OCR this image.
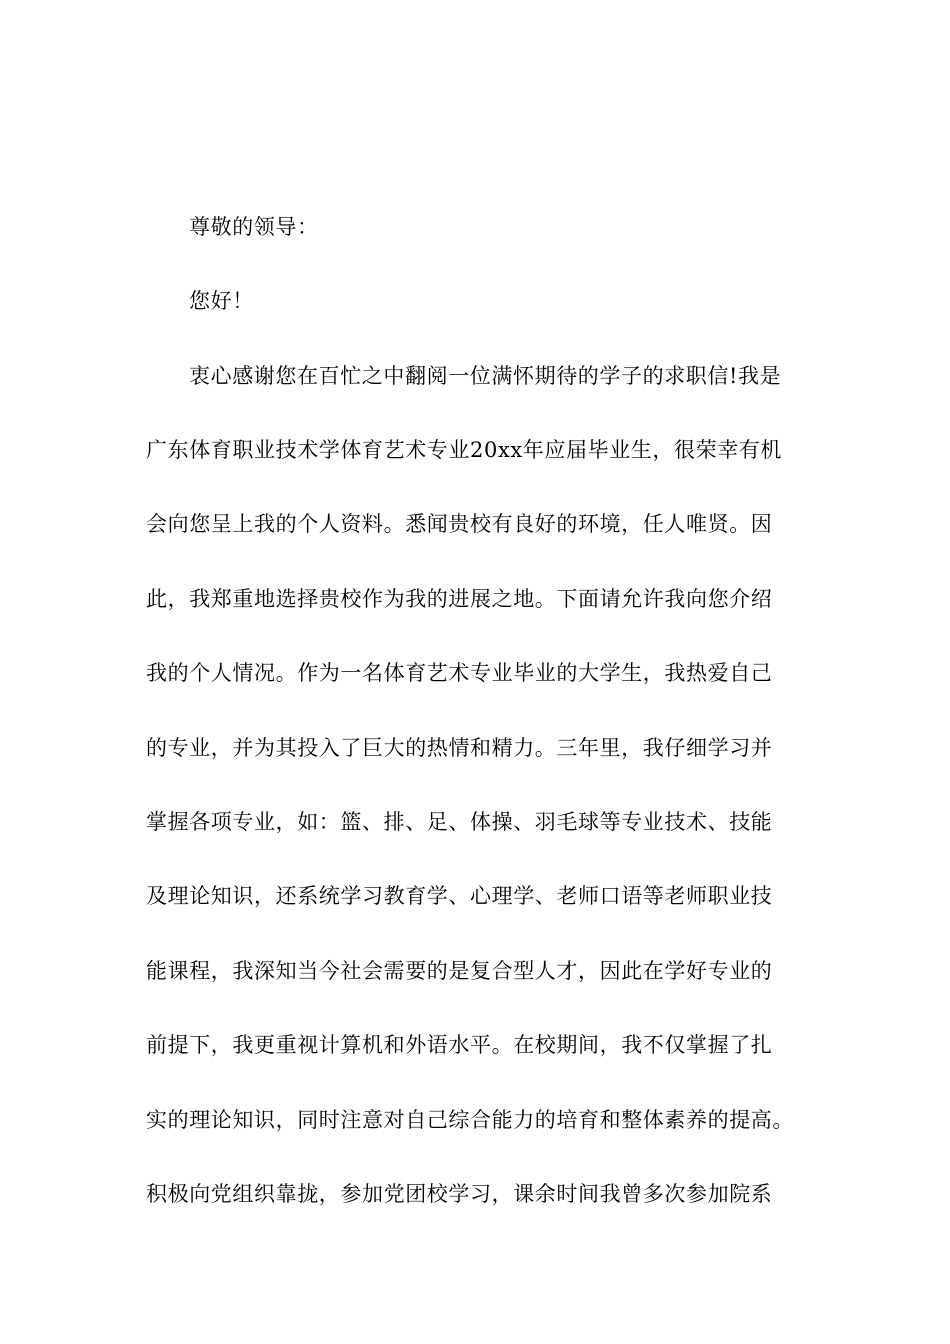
尊敬的领导：
您好！
衷心感谢您在百忙之中翻阅一位满怀期待的学子的求职信!我是
广东体育职业技术学体育艺术专业20xx年应届毕业生，很荣幸有机
会向您呈上我的个人资料。悉闻贵校有良好的环境，任人唯贤。因
此，我郑重地选择贵校作为我的进展之地。下面请允许我向您介绍
我的个人情况。作为一名体育艺术专业毕业的大学生，我热爱自己
的专业，并为其投入了巨大的热情和精力。三年里，我仔细学习并
掌握各项专业，如：篮、排、足、体操、羽毛球等专业技术、技能
及理论知识，还系统学习教育学、心理学、老师口语等老师职业技
能课程，我深知当今社会需要的是复合型人才，因此在学好专业的
前提下，我更重视计算机和外语水平。在校期间，我不仅掌握了扎
实的理论知识，同时注意对自己综合能力的培育和整体素养的提高。
积极向党组织靠拢，参加党团校学习，课余时间我曾多次参加院系
